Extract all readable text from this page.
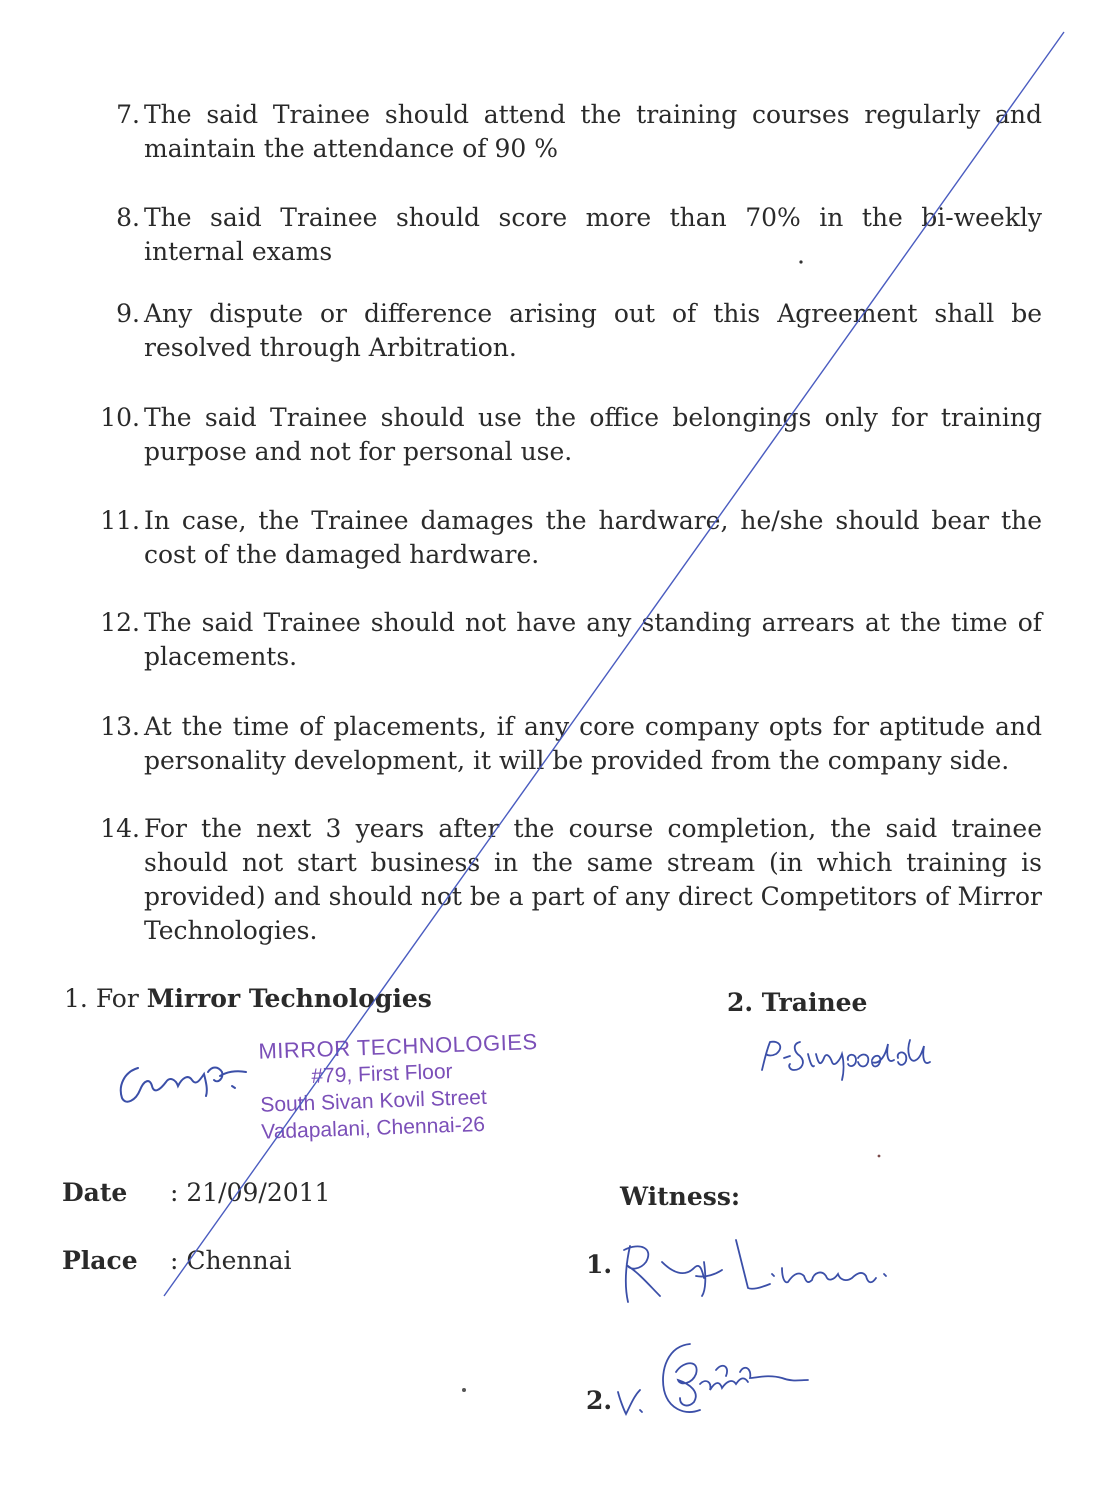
7. The said Trainee should attend the training courses regularly and maintain the attendance of 90 %
8. The said Trainee should score more than 70% in the bi-weekly internal exams
9. Any dispute or difference arising out of this Agreement shall be resolved through Arbitration.
10. The said Trainee should use the office belongings only for training purpose and not for personal use.
11. In case, the Trainee damages the hardware, he/she should bear the cost of the damaged hardware.
12. The said Trainee should not have any standing arrears at the time of placements.
13. At the time of placements, if any core company opts for aptitude and personality development, it will be provided from the company side.
14. For the next 3 years after the course completion, the said trainee should not start business in the same stream (in which training is provided) and should not be a part of any direct Competitors of Mirror Technologies.
1. For Mirror Technologies	2. Trainee
MIRROR TECHNOLOGIES
#79, First Floor
South Sivan Kovil Street
Vadapalani, Chennai-26
Date : 21/09/2011
Place : Chennai
Witness:
1.
2.
